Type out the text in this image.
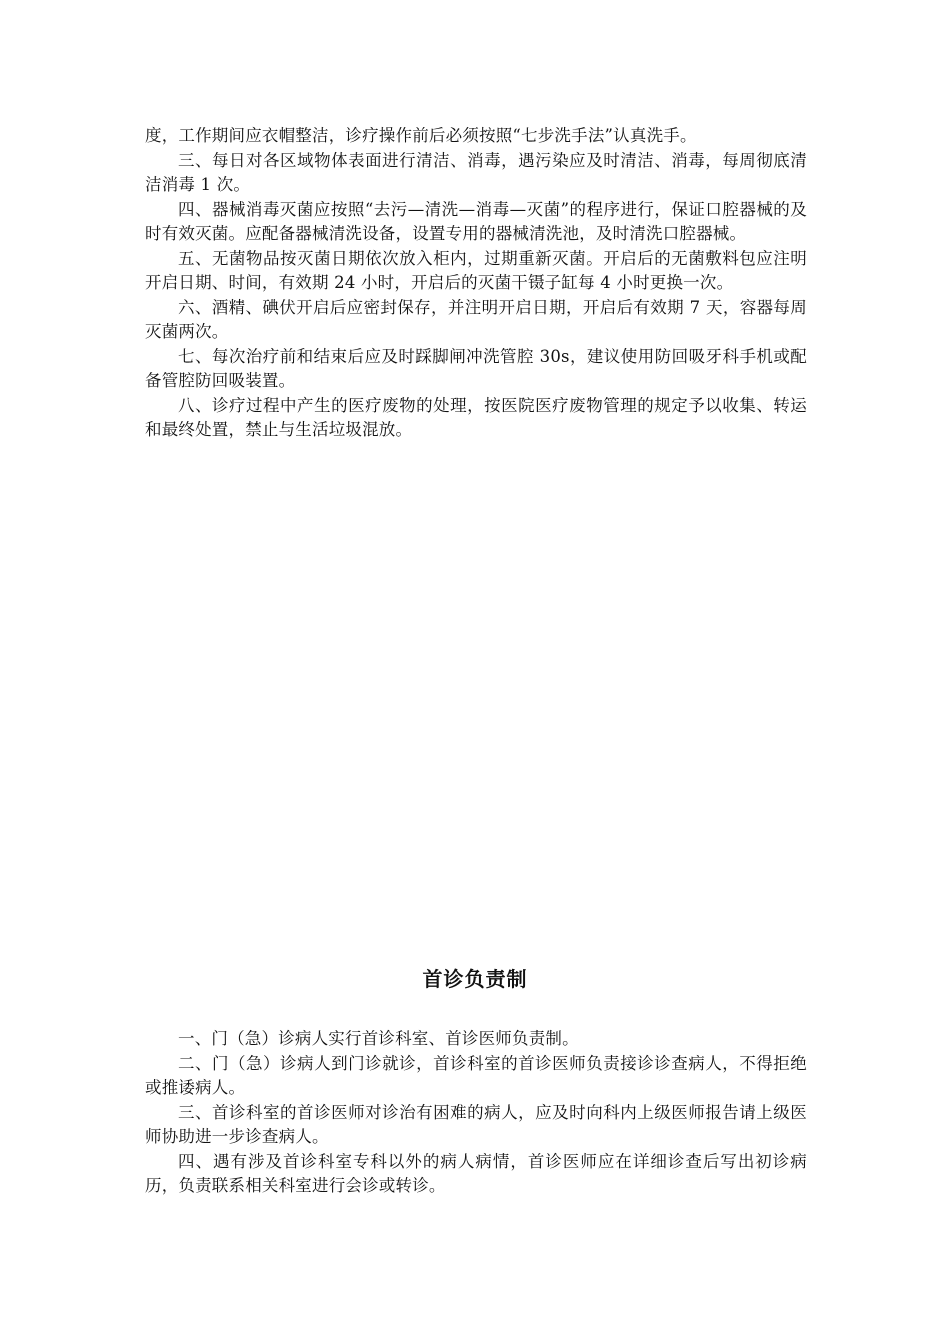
度，工作期间应衣帽整洁，诊疗操作前后必须按照“七步洗手法”认真洗手。

三、每日对各区域物体表面进行清洁、消毒，遇污染应及时清洁、消毒，每周彻底清洁消毒 1 次。

四、器械消毒灭菌应按照“去污—清洗—消毒—灭菌”的程序进行，保证口腔器械的及时有效灭菌。应配备器械清洗设备，设置专用的器械清洗池，及时清洗口腔器械。

五、无菌物品按灭菌日期依次放入柜内，过期重新灭菌。开启后的无菌敷料包应注明开启日期、时间，有效期 24 小时，开启后的灭菌干镊子缸每 4 小时更换一次。

六、酒精、碘伏开启后应密封保存，并注明开启日期，开启后有效期 7 天，容器每周灭菌两次。

七、每次治疗前和结束后应及时踩脚闸冲洗管腔 30s，建议使用防回吸牙科手机或配备管腔防回吸装置。

八、诊疗过程中产生的医疗废物的处理，按医院医疗废物管理的规定予以收集、转运和最终处置，禁止与生活垃圾混放。

首诊负责制

一、门（急）诊病人实行首诊科室、首诊医师负责制。

二、门（急）诊病人到门诊就诊，首诊科室的首诊医师负责接诊诊查病人，不得拒绝或推诿病人。

三、首诊科室的首诊医师对诊治有困难的病人，应及时向科内上级医师报告请上级医师协助进一步诊查病人。

四、遇有涉及首诊科室专科以外的病人病情，首诊医师应在详细诊查后写出初诊病历，负责联系相关科室进行会诊或转诊。
